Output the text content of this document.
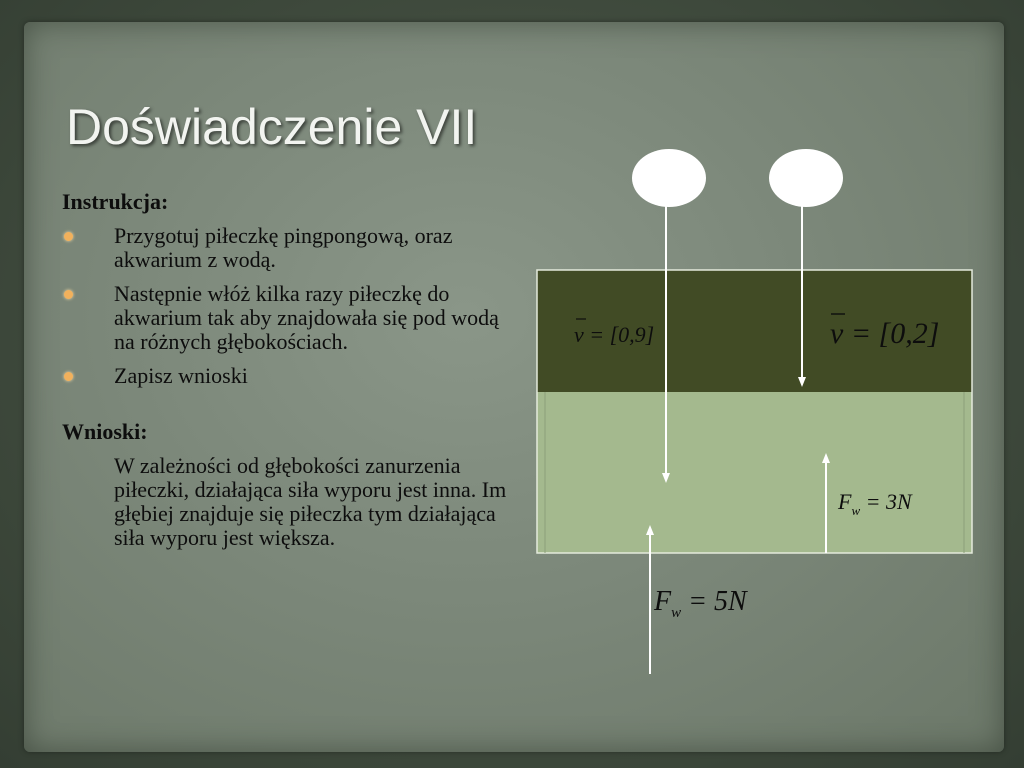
Doświadczenie VII
Instrukcja:
Przygotuj piłeczkę pingpongową, oraz akwarium z wodą.
Następnie włóż kilka razy piłeczkę do akwarium tak aby znajdowała się pod wodą na różnych głębokościach.
Zapisz wnioski
Wnioski:
W zależności od głębokości zanurzenia piłeczki, działająca siła wyporu jest inna. Im głębiej znajduje się piłeczka tym działająca siła wyporu jest większa.
v = [0,9]	v = [0,2]
$F_w = 5N$
$F_w = 3N$
